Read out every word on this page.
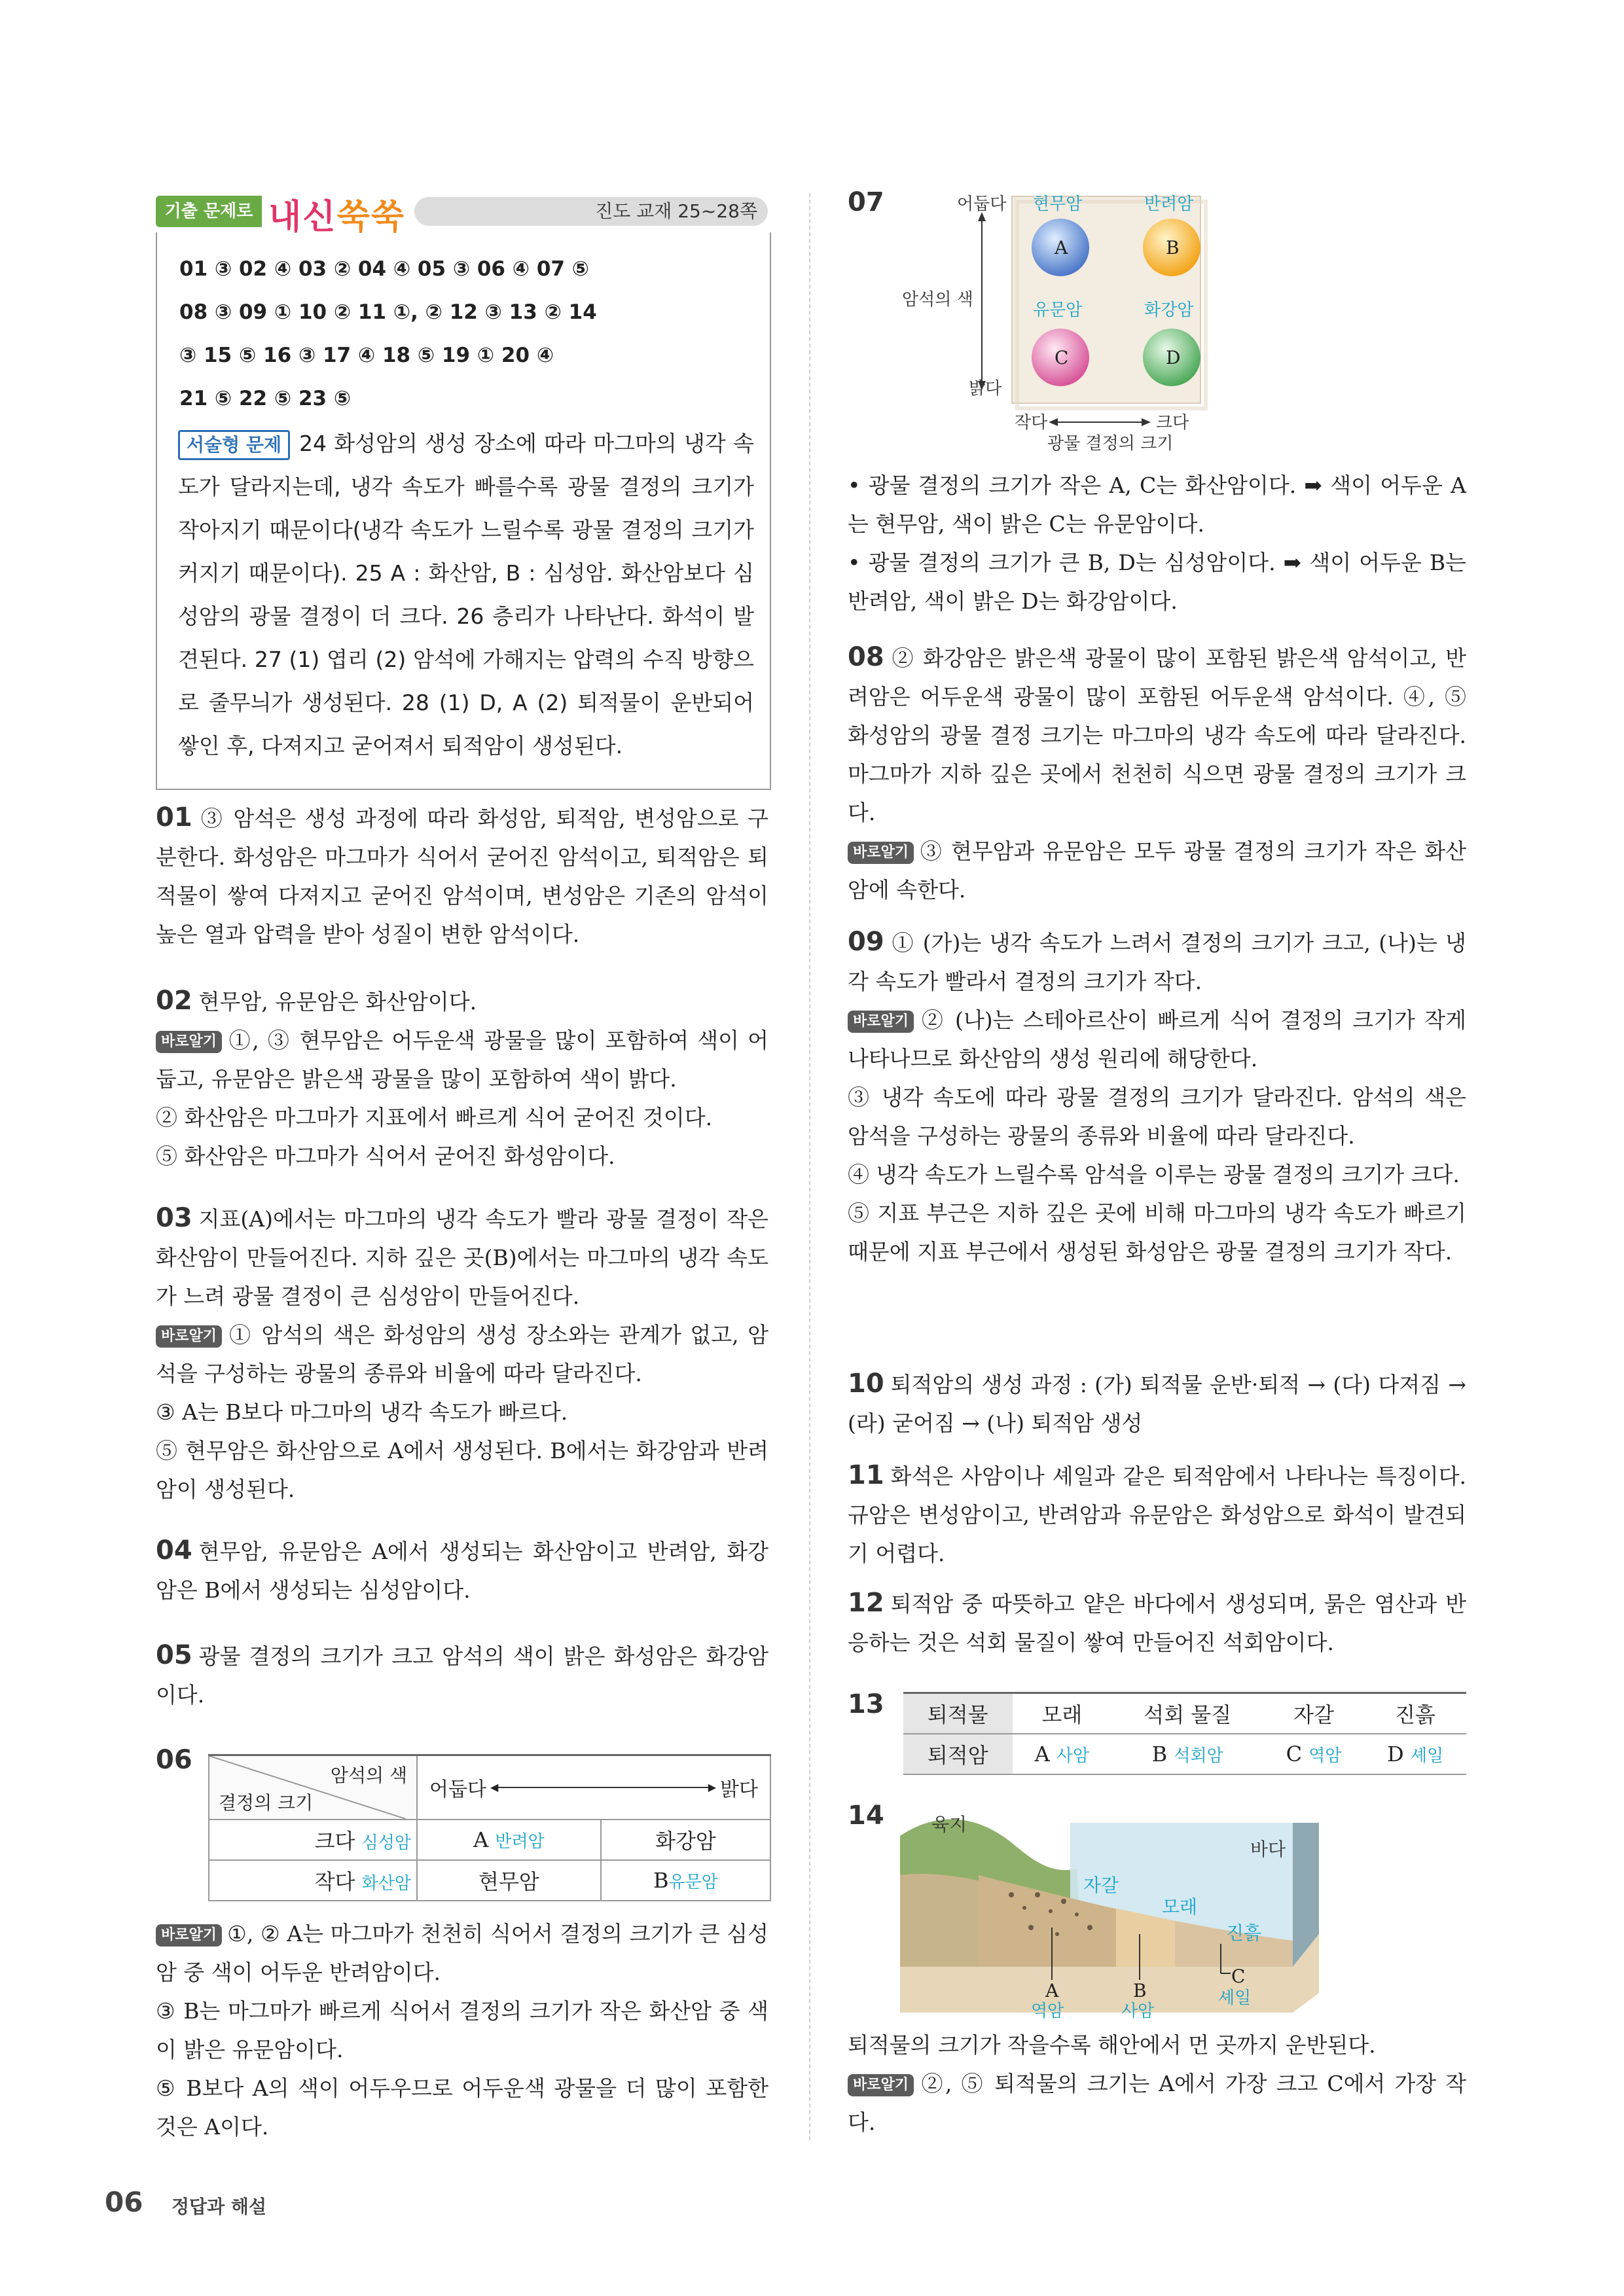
기출 문제로 내신쑥쑥	진도 교재 25~28쪽
01 ③ 02 ④ 03 ② 04 ④ 05 ③ 06 ④ 07 ⑤
08 ③ 09 ① 10 ② 11 ①, ② 12 ③ 13 ② 14
③ 15 ⑤ 16 ③ 17 ④ 18 ⑤ 19 ① 20 ④
21 ⑤ 22 ⑤ 23 ⑤
서술형 문제 24 화성암의 생성 장소에 따라 마그마의 냉각 속도가 달라지는데, 냉각 속도가 빠를수록 광물 결정의 크기가 작아지기 때문이다(냉각 속도가 느릴수록 광물 결정의 크기가 커지기 때문이다). 25 A : 화산암, B : 심성암. 화산암보다 심성암의 광물 결정이 더 크다. 26 층리가 나타난다. 화석이 발견된다. 27 (1) 엽리 (2) 암석에 가해지는 압력의 수직 방향으로 줄무늬가 생성된다. 28 (1) D, A (2) 퇴적물이 운반되어 쌓인 후, 다져지고 굳어져서 퇴적암이 생성된다.
01 ③ 암석은 생성 과정에 따라 화성암, 퇴적암, 변성암으로 구분한다. 화성암은 마그마가 식어서 굳어진 암석이고, 퇴적암은 퇴적물이 쌓여 다져지고 굳어진 암석이며, 변성암은 기존의 암석이 높은 열과 압력을 받아 성질이 변한 암석이다.
02 현무암, 유문암은 화산암이다.
바로알기 ①, ③ 현무암은 어두운색 광물을 많이 포함하여 색이 어둡고, 유문암은 밝은색 광물을 많이 포함하여 색이 밝다.
② 화산암은 마그마가 지표에서 빠르게 식어 굳어진 것이다.
⑤ 화산암은 마그마가 식어서 굳어진 화성암이다.
03 지표(A)에서는 마그마의 냉각 속도가 빨라 광물 결정이 작은 화산암이 만들어진다. 지하 깊은 곳(B)에서는 마그마의 냉각 속도가 느려 광물 결정이 큰 심성암이 만들어진다.
바로알기 ① 암석의 색은 화성암의 생성 장소와는 관계가 없고, 암석을 구성하는 광물의 종류와 비율에 따라 달라진다.
③ A는 B보다 마그마의 냉각 속도가 빠르다.
⑤ 현무암은 화산암으로 A에서 생성된다. B에서는 화강암과 반려암이 생성된다.
04 현무암, 유문암은 A에서 생성되는 화산암이고 반려암, 화강암은 B에서 생성되는 심성암이다.
05 광물 결정의 크기가 크고 암석의 색이 밝은 화성암은 화강암이다.
06
암석의 색
결정의 크기	어둡다 ◀ ▶ 밝다	

크다 심성암	A 반려암	화강암
작다 화산암	현무암	B유문암
바로알기 ①, ② A는 마그마가 천천히 식어서 결정의 크기가 큰 심성암 중 색이 어두운 반려암이다.
③ B는 마그마가 빠르게 식어서 결정의 크기가 작은 화산암 중 색이 밝은 유문암이다.
⑤ B보다 A의 색이 어두우므로 어두운색 광물을 더 많이 포함한 것은 A이다.
07	어둡다
밝다
암석의 색
작다	크다
광물 결정의 크기
현무암
A
반려암
B
유문암
C
화강암
D
• 광물 결정의 크기가 작은 A, C는 화산암이다. ➡ 색이 어두운 A는 현무암, 색이 밝은 C는 유문암이다.
• 광물 결정의 크기가 큰 B, D는 심성암이다. ➡ 색이 어두운 B는 반려암, 색이 밝은 D는 화강암이다.
08 ② 화강암은 밝은색 광물이 많이 포함된 밝은색 암석이고, 반려암은 어두운색 광물이 많이 포함된 어두운색 암석이다. ④, ⑤ 화성암의 광물 결정 크기는 마그마의 냉각 속도에 따라 달라진다. 마그마가 지하 깊은 곳에서 천천히 식으면 광물 결정의 크기가 크다.
바로알기 ③ 현무암과 유문암은 모두 광물 결정의 크기가 작은 화산암에 속한다.
09 ① (가)는 냉각 속도가 느려서 결정의 크기가 크고, (나)는 냉각 속도가 빨라서 결정의 크기가 작다.
바로알기 ② (나)는 스테아르산이 빠르게 식어 결정의 크기가 작게 나타나므로 화산암의 생성 원리에 해당한다.
③ 냉각 속도에 따라 광물 결정의 크기가 달라진다. 암석의 색은 암석을 구성하는 광물의 종류와 비율에 따라 달라진다.
④ 냉각 속도가 느릴수록 암석을 이루는 광물 결정의 크기가 크다.
⑤ 지표 부근은 지하 깊은 곳에 비해 마그마의 냉각 속도가 빠르기 때문에 지표 부근에서 생성된 화성암은 광물 결정의 크기가 작다.
10 퇴적암의 생성 과정 : (가) 퇴적물 운반·퇴적 → (다) 다져짐 → (라) 굳어짐 → (나) 퇴적암 생성
11 화석은 사암이나 셰일과 같은 퇴적암에서 나타나는 특징이다. 규암은 변성암이고, 반려암과 유문암은 화성암으로 화석이 발견되기 어렵다.
12 퇴적암 중 따뜻하고 얕은 바다에서 생성되며, 묽은 염산과 반응하는 것은 석회 물질이 쌓여 만들어진 석회암이다.
13	퇴적물	모래	석회 물질	자갈	진흙
퇴적암	A 사암	B 석회암	C 역암	D 셰일
14	육지
바다
자갈
모래
진흙
A	B
C
역암	사암
셰일
퇴적물의 크기가 작을수록 해안에서 먼 곳까지 운반된다.
바로알기 ②, ⑤ 퇴적물의 크기는 A에서 가장 크고 C에서 가장 작다.
06 정답과 해설
